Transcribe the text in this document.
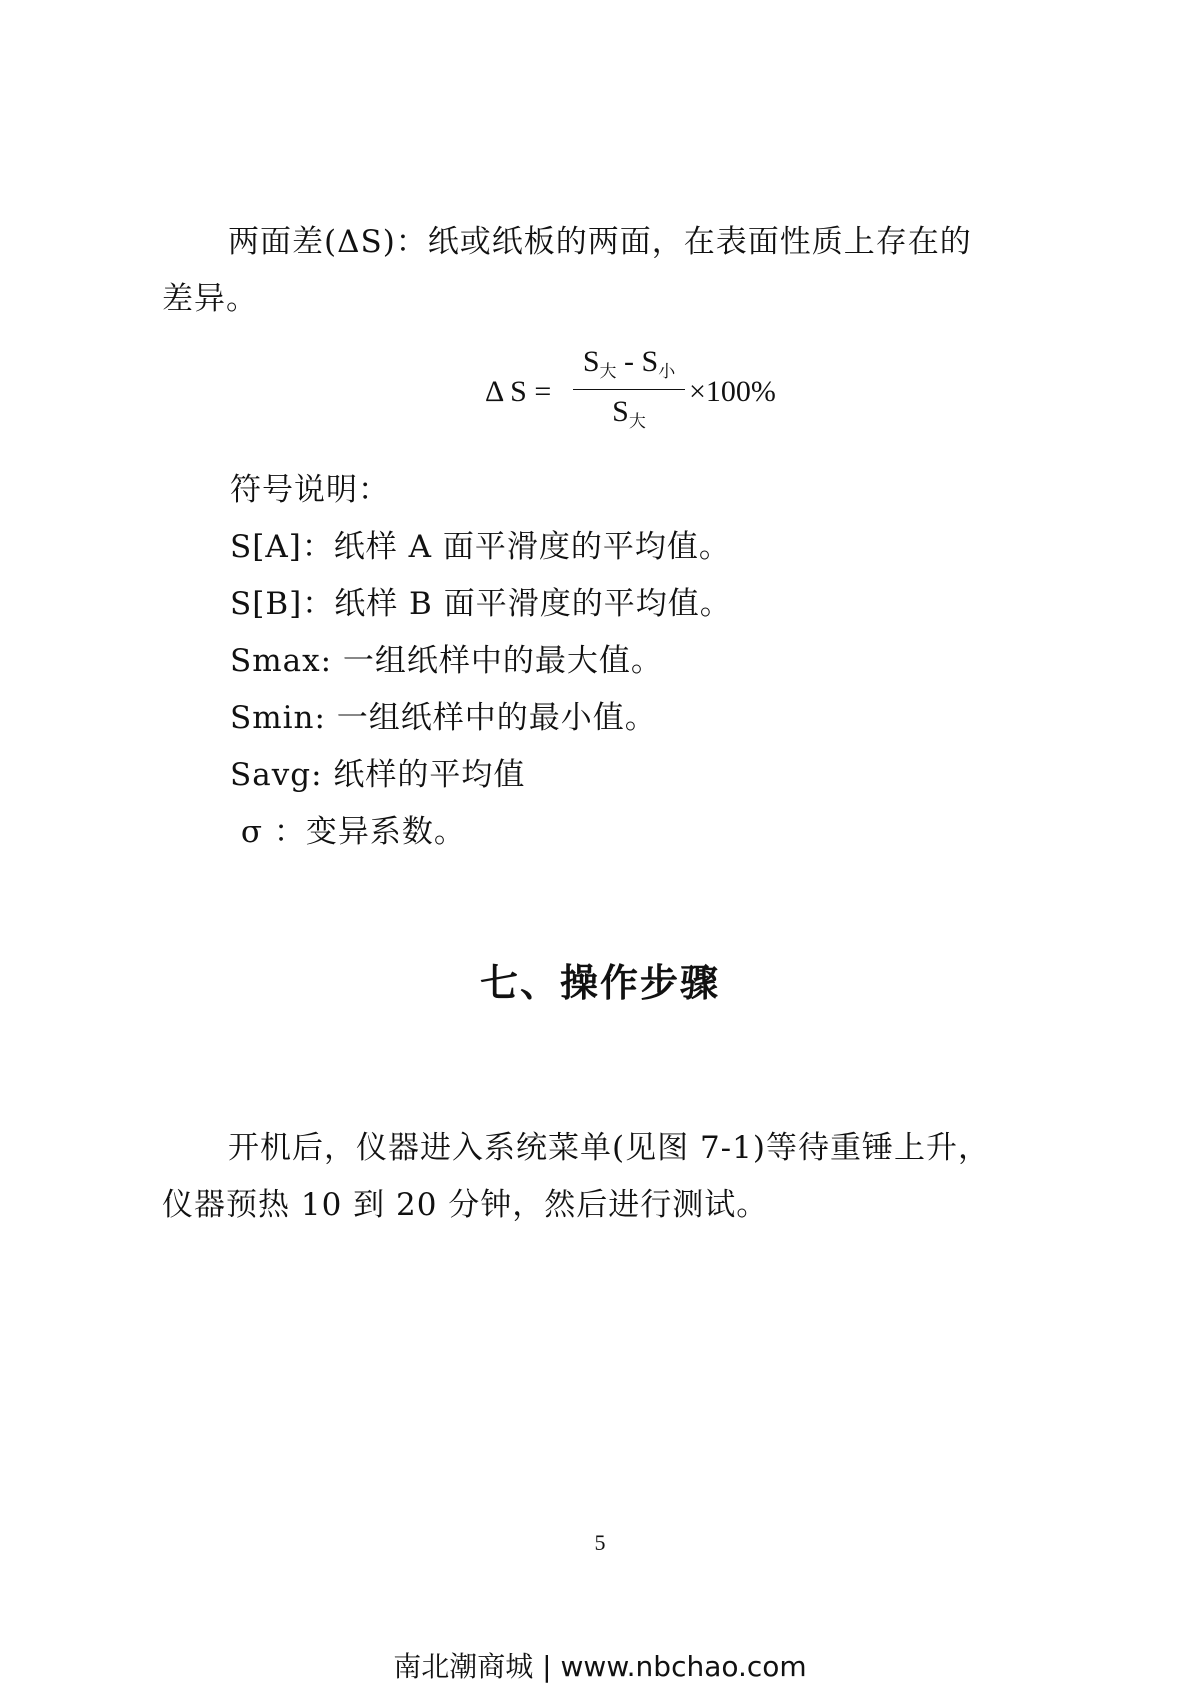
两面差(ΔS)：纸或纸板的两面，在表面性质上存在的
差异。
Δ S =
$S_大 - S_小$
$S_大$
×100%
符号说明：
S[A]：纸样 A 面平滑度的平均值。
S[B]：纸样 B 面平滑度的平均值。
Smax: 一组纸样中的最大值。
Smin: 一组纸样中的最小值。
Savg: 纸样的平均值
σ ：变异系数。
七、操作步骤
开机后，仪器进入系统菜单(见图 7-1)等待重锤上升，
仪器预热 10 到 20 分钟，然后进行测试。
5
南北潮商城 | www.nbchao.com
